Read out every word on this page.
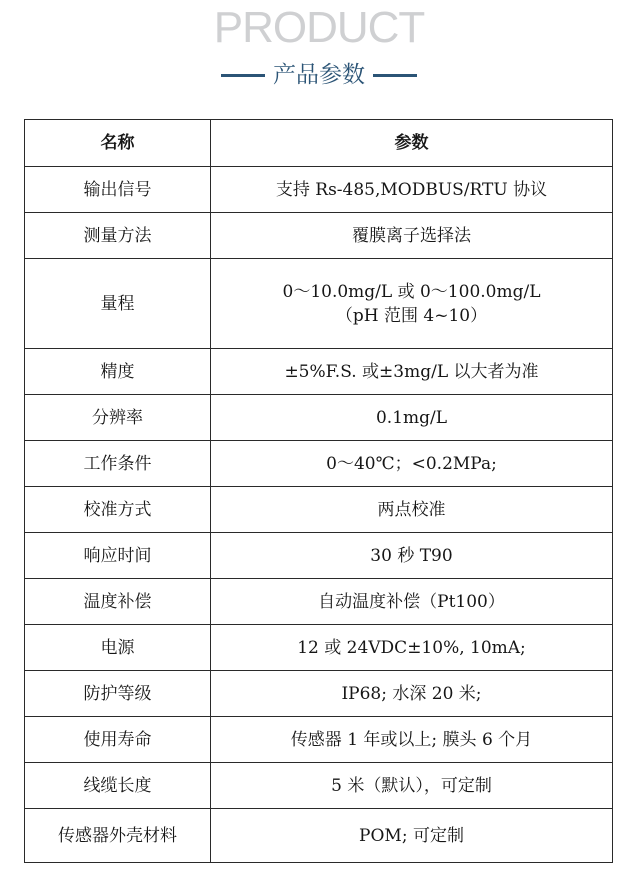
PRODUCT
产品参数
名称	参数
输出信号	支持 Rs-485,MODBUS/RTU 协议

测量方法	覆膜离子选择法

量程	0～10.0mg/L 或 0～100.0mg/L
（pH 范围 4~10）

精度	±5%F.S. 或±3mg/L 以大者为准

分辨率	0.1mg/L

工作条件	0～40℃；<0.2MPa;

校准方式	两点校准

响应时间	30 秒 T90

温度补偿	自动温度补偿（Pt100）

电源	12 或 24VDC±10%, 10mA;

防护等级	IP68; 水深 20 米;

使用寿命	传感器 1 年或以上; 膜头 6 个月

线缆长度	5 米（默认），可定制

传感器外壳材料	POM; 可定制
